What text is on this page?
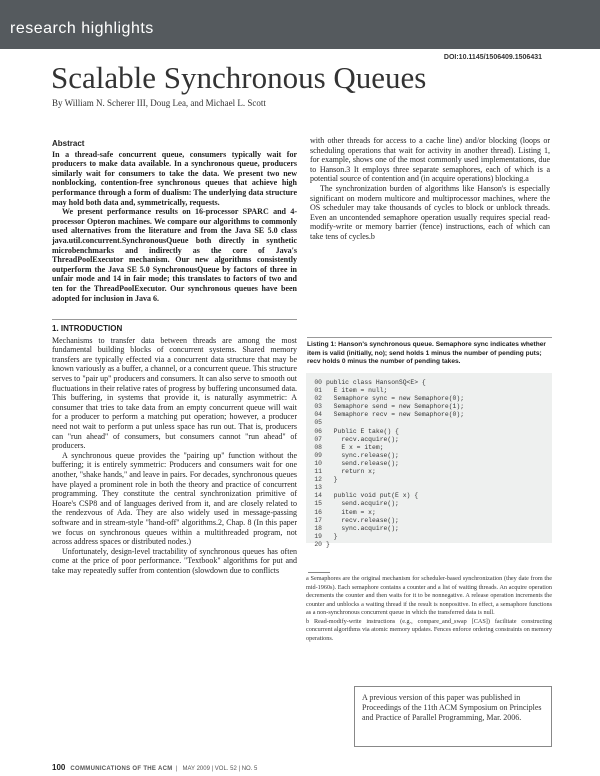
research highlights
DOI:10.1145/1506409.1506431
Scalable Synchronous Queues
By William N. Scherer III, Doug Lea, and Michael L. Scott
Abstract

In a thread-safe concurrent queue, consumers typically wait for producers to make data available. In a synchronous queue, producers similarly wait for consumers to take the data. We present two new nonblocking, contention-free synchronous queues that achieve high performance through a form of dualism: The underlying data structure may hold both data and, symmetrically, requests.

We present performance results on 16-processor SPARC and 4-processor Opteron machines. We compare our algorithms to commonly used alternatives from the literature and from the Java SE 5.0 class java.util.concurrent.SynchronousQueue both directly in synthetic microbenchmarks and indirectly as the core of Java's ThreadPoolExecutor mechanism. Our new algorithms consistently outperform the Java SE 5.0 SynchronousQueue by factors of three in unfair mode and 14 in fair mode; this translates to factors of two and ten for the ThreadPoolExecutor. Our synchronous queues have been adopted for inclusion in Java 6.

1. INTRODUCTION

Mechanisms to transfer data between threads are among the most fundamental building blocks of concurrent systems. Shared memory transfers are typically effected via a concurrent data structure that may be known variously as a buffer, a channel, or a concurrent queue. This structure serves to "pair up" producers and consumers. It can also serve to smooth out fluctuations in their relative rates of progress by buffering unconsumed data. This buffering, in systems that provide it, is naturally asymmetric: A consumer that tries to take data from an empty concurrent queue will wait for a producer to perform a matching put operation; however, a producer need not wait to perform a put unless space has run out. That is, producers can "run ahead" of consumers, but consumers cannot "run ahead" of producers.

A synchronous queue provides the "pairing up" function without the buffering; it is entirely symmetric: Producers and consumers wait for one another, "shake hands," and leave in pairs. For decades, synchronous queues have played a prominent role in both the theory and practice of concurrent programming. They constitute the central synchronization primitive of Hoare's CSP8 and of languages derived from it, and are closely related to the rendezvous of Ada. They are also widely used in message-passing software and in stream-style "hand-off" algorithms.2, Chap. 8 (In this paper we focus on synchronous queues within a multithreaded program, not across address spaces or distributed nodes.)

Unfortunately, design-level tractability of synchronous queues has often come at the price of poor performance. "Textbook" algorithms for put and take may repeatedly suffer from contention (slowdown due to conflicts

with other threads for access to a cache line) and/or blocking (loops or scheduling operations that wait for activity in another thread). Listing 1, for example, shows one of the most commonly used implementations, due to Hanson.3 It employs three separate semaphores, each of which is a potential source of contention and (in acquire operations) blocking.a

The synchronization burden of algorithms like Hanson's is especially significant on modern multicore and multiprocessor machines, where the OS scheduler may take thousands of cycles to block or unblock threads. Even an uncontended semaphore operation usually requires special read-modify-write or memory barrier (fence) instructions, each of which can take tens of cycles.b

Listing 1: Hanson's synchronous queue. Semaphore sync indicates whether item is valid (initially, no); send holds 1 minus the number of pending puts; recv holds 0 minus the number of pending takes.
00 public class HansonSQ<E> {
01  E item = null;
02  Semaphore sync = new Semaphore(0);
03  Semaphore send = new Semaphore(1);
04  Semaphore recv = new Semaphore(0);
05
06  Public E take() {
07    recv.acquire();
08    E x = item;
09    sync.release();
10    send.release();
11    return x;
12  }
13
14  public void put(E x) {
15    send.acquire();
16    item = x;
17    recv.release();
18    sync.acquire();
19  }
20 }

a Semaphores are the original mechanism for scheduler-based synchronization (they date from the mid-1960s). Each semaphore contains a counter and a list of waiting threads. An acquire operation decrements the counter and then waits for it to be nonnegative. A release operation increments the counter and unblocks a waiting thread if the result is nonpositive. In effect, a semaphore functions as a non-synchronous concurrent queue in which the transferred data is null.

b Read-modify-write instructions (e.g., compare_and_swap [CAS]) facilitate constructing concurrent algorithms via atomic memory updates. Fences enforce ordering constraints on memory operations.

A previous version of this paper was published in Proceedings of the 11th ACM Symposium on Principles and Practice of Parallel Programming, Mar. 2006.
100 COMMUNICATIONS OF THE ACM  |   MAY 2009 | VOL. 52 | NO. 5
